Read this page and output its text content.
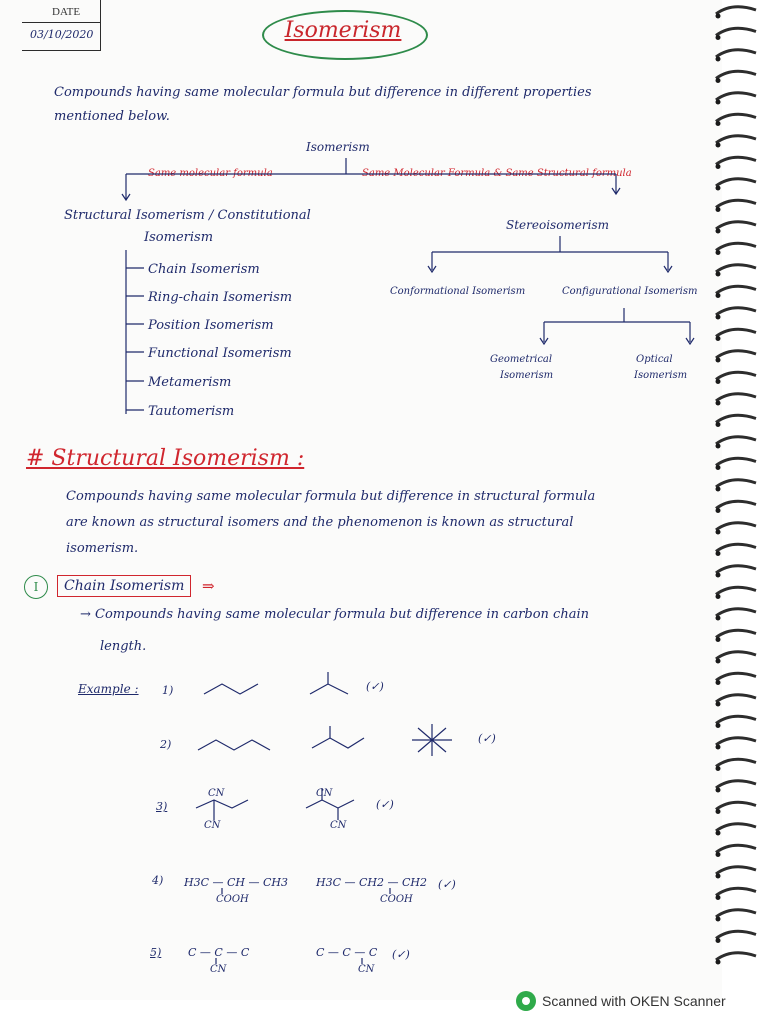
DATE
03/10/2020	Isomerism
Compounds having same molecular formula but difference in different properties
mentioned below.
Isomerism
Same molecular formula	Same Molecular Formula & Same Structural formula
Structural Isomerism / Constitutional
Isomerism
Stereoisomerism
Chain Isomerism
Ring-chain Isomerism
Position Isomerism
Functional Isomerism
Metamerism
Tautomerism
Conformational Isomerism	Configurational Isomerism
Geometrical
Isomerism
Optical
Isomerism
# Structural Isomerism :
Compounds having same molecular formula but difference in structural formula
are known as structural isomers and the phenomenon is known as structural
isomerism.
I	Chain Isomerism	⇒
→ Compounds having same molecular formula but difference in carbon chain
length.
Example : 1)
2)
3)
4)
5)
CN
CN
CN
CN
H3C — CH — CH3
COOH
H3C — CH2 — CH2
COOH
C — C — C
CN
C — C — C
CN
(✓)
(✓)
(✓)
(✓)
(✓)
Scanned with OKEN Scanner
